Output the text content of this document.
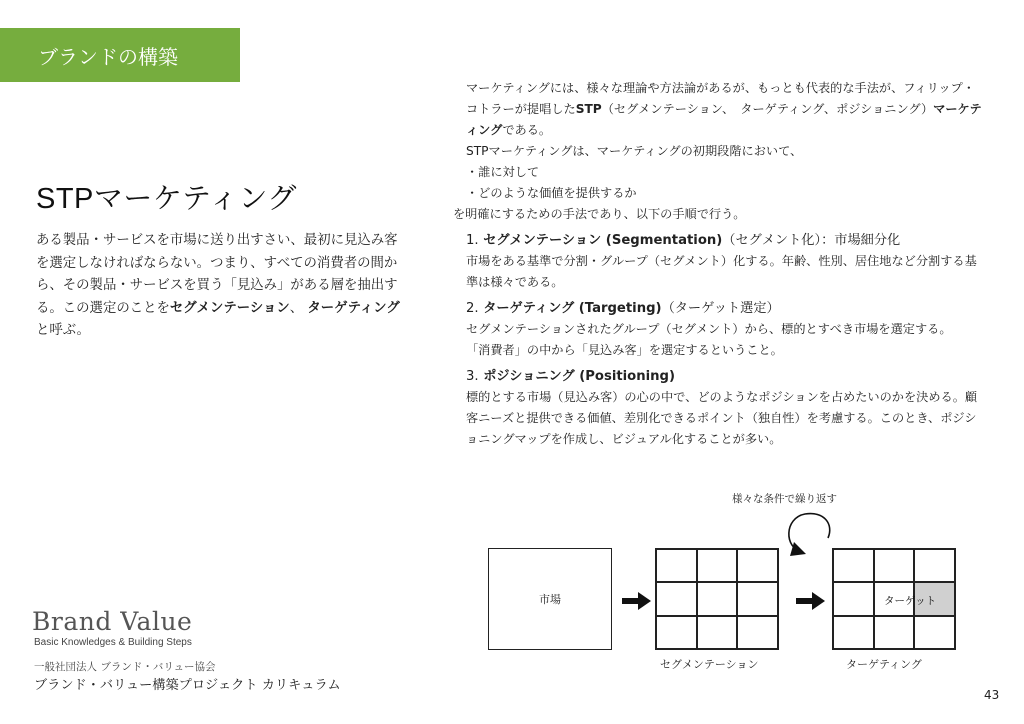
ブランドの構築
STPマーケティング
ある製品・サービスを市場に送り出すさい、最初に見込み客を選定しなければならない。つまり、すべての消費者の間から、その製品・サービスを買う「見込み」がある層を抽出する。この選定のことをセグメンテーション、 ターゲティング と呼ぶ。
マーケティングには、様々な理論や方法論があるが、もっとも代表的な手法が、フィリップ・コトラーが提唱したSTP（セグメンテーション、　ターゲティング、ポジショニング）マーケティングである。
STPマーケティングは、マーケティングの初期段階において、
・誰に対して
・どのような価値を提供するか
を明確にするための手法であり、以下の手順で行う。
1. セグメンテーション (Segmentation)（セグメント化）：市場細分化
市場をある基準で分割・グループ（セグメント）化する。年齢、性別、居住地など分割する基準は様々である。
2. ターゲティング (Targeting)（ターゲット選定）
セグメンテーションされたグループ（セグメント）から、標的とすべき市場を選定する。
「消費者」の中から「見込み客」を選定するということ。
3. ポジショニング (Positioning)
標的とする市場（見込み客）の心の中で、どのようなポジションを占めたいのかを決める。顧客ニーズと提供できる価値、差別化できるポイント（独自性）を考慮する。このとき、ポジショニングマップを作成し、ビジュアル化することが多い。
様々な条件で繰り返す
市場	ターゲット
セグメンテーション	ターゲティング
Brand Value
Basic Knowledges & Building Steps
一般社団法人 ブランド・バリュー協会
ブランド・バリュー構築プロジェクト カリキュラム
43
